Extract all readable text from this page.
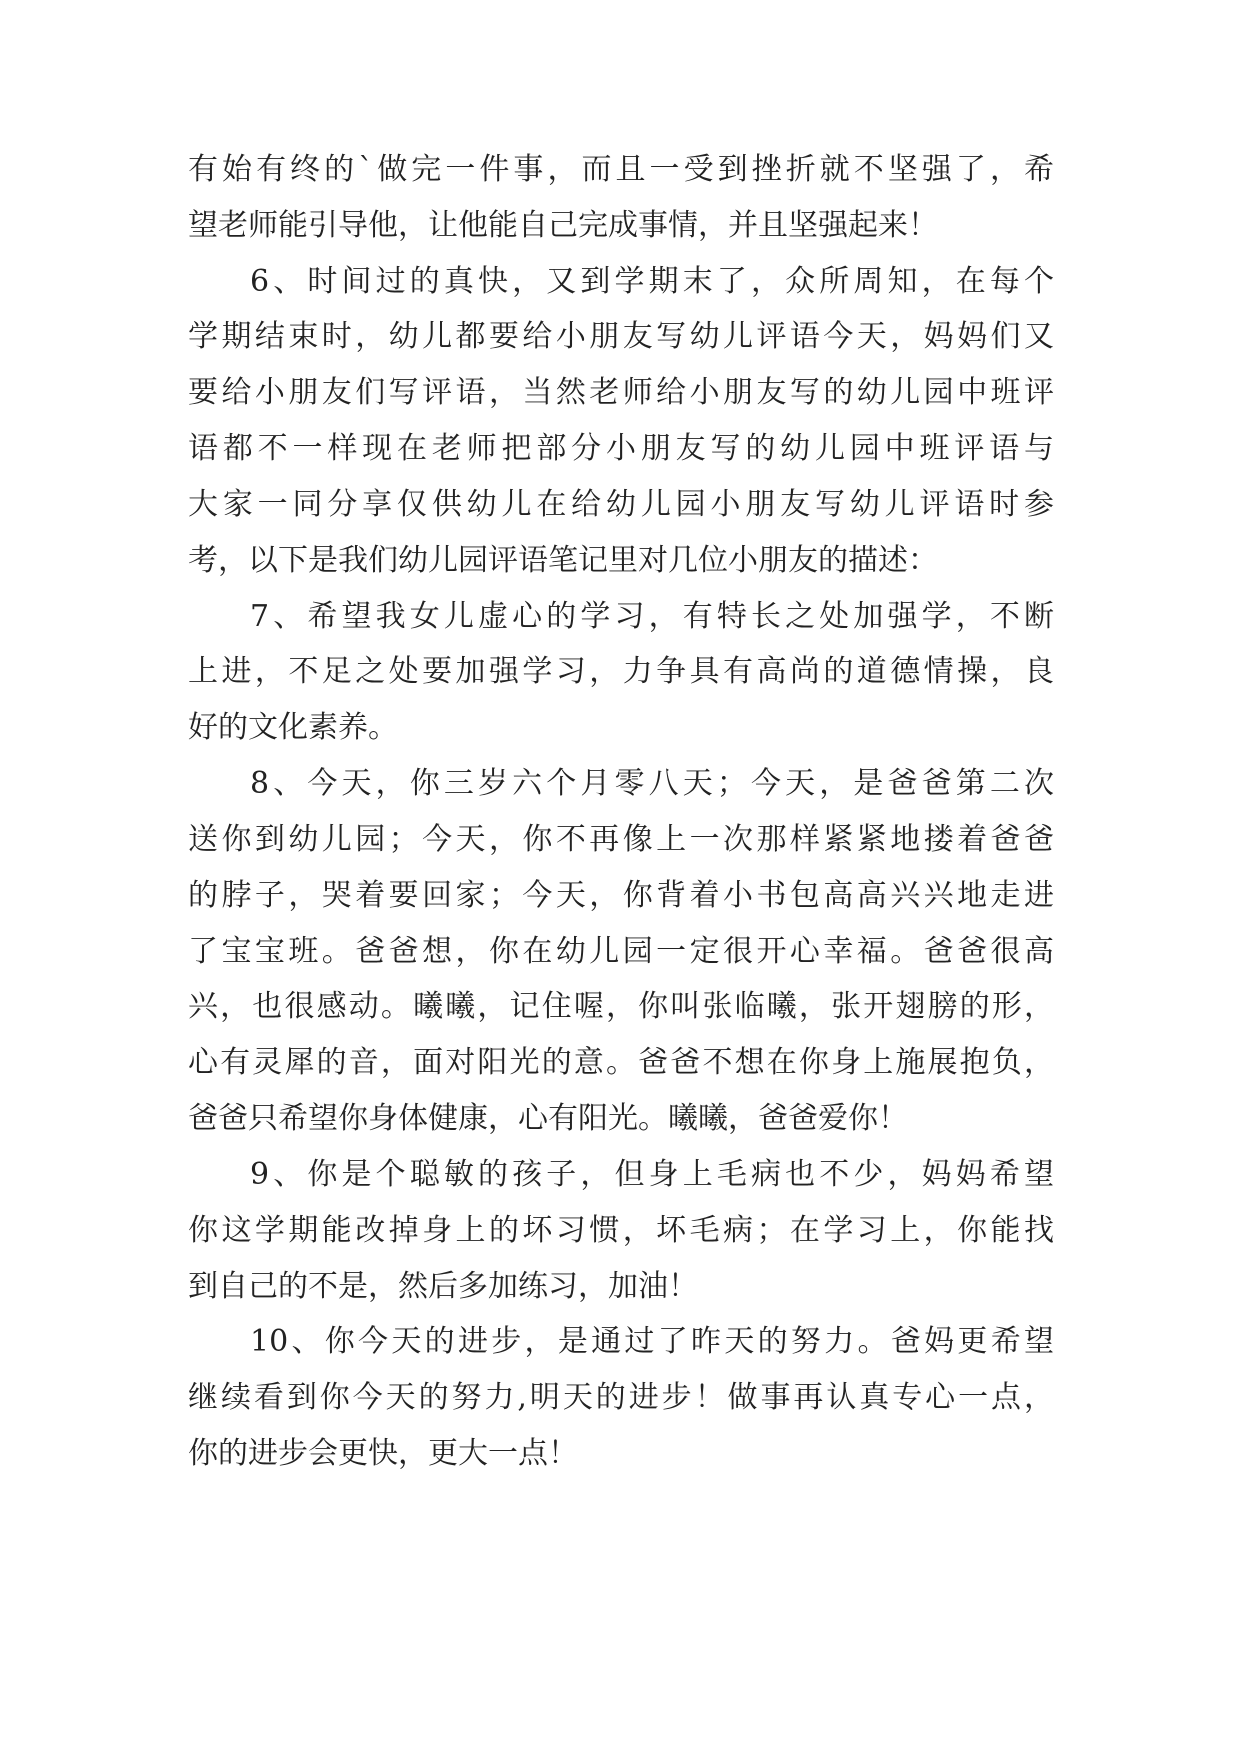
有始有终的`做完一件事，而且一受到挫折就不坚强了，希
望老师能引导他，让他能自己完成事情，并且坚强起来！
6、时间过的真快，又到学期末了，众所周知，在每个
学期结束时，幼儿都要给小朋友写幼儿评语今天，妈妈们又
要给小朋友们写评语，当然老师给小朋友写的幼儿园中班评
语都不一样现在老师把部分小朋友写的幼儿园中班评语与
大家一同分享仅供幼儿在给幼儿园小朋友写幼儿评语时参
考，以下是我们幼儿园评语笔记里对几位小朋友的描述：
7、希望我女儿虚心的学习，有特长之处加强学，不断
上进，不足之处要加强学习，力争具有高尚的道德情操，良
好的文化素养。
8、今天，你三岁六个月零八天；今天，是爸爸第二次
送你到幼儿园；今天，你不再像上一次那样紧紧地搂着爸爸
的脖子，哭着要回家；今天，你背着小书包高高兴兴地走进
了宝宝班。爸爸想，你在幼儿园一定很开心幸福。爸爸很高
兴，也很感动。曦曦，记住喔，你叫张临曦，张开翅膀的形，
心有灵犀的音，面对阳光的意。爸爸不想在你身上施展抱负，
爸爸只希望你身体健康，心有阳光。曦曦，爸爸爱你！
9、你是个聪敏的孩子，但身上毛病也不少，妈妈希望
你这学期能改掉身上的坏习惯，坏毛病；在学习上，你能找
到自己的不是，然后多加练习，加油！
10、你今天的进步，是通过了昨天的努力。爸妈更希望
继续看到你今天的努力,明天的进步！做事再认真专心一点，
你的进步会更快，更大一点！
